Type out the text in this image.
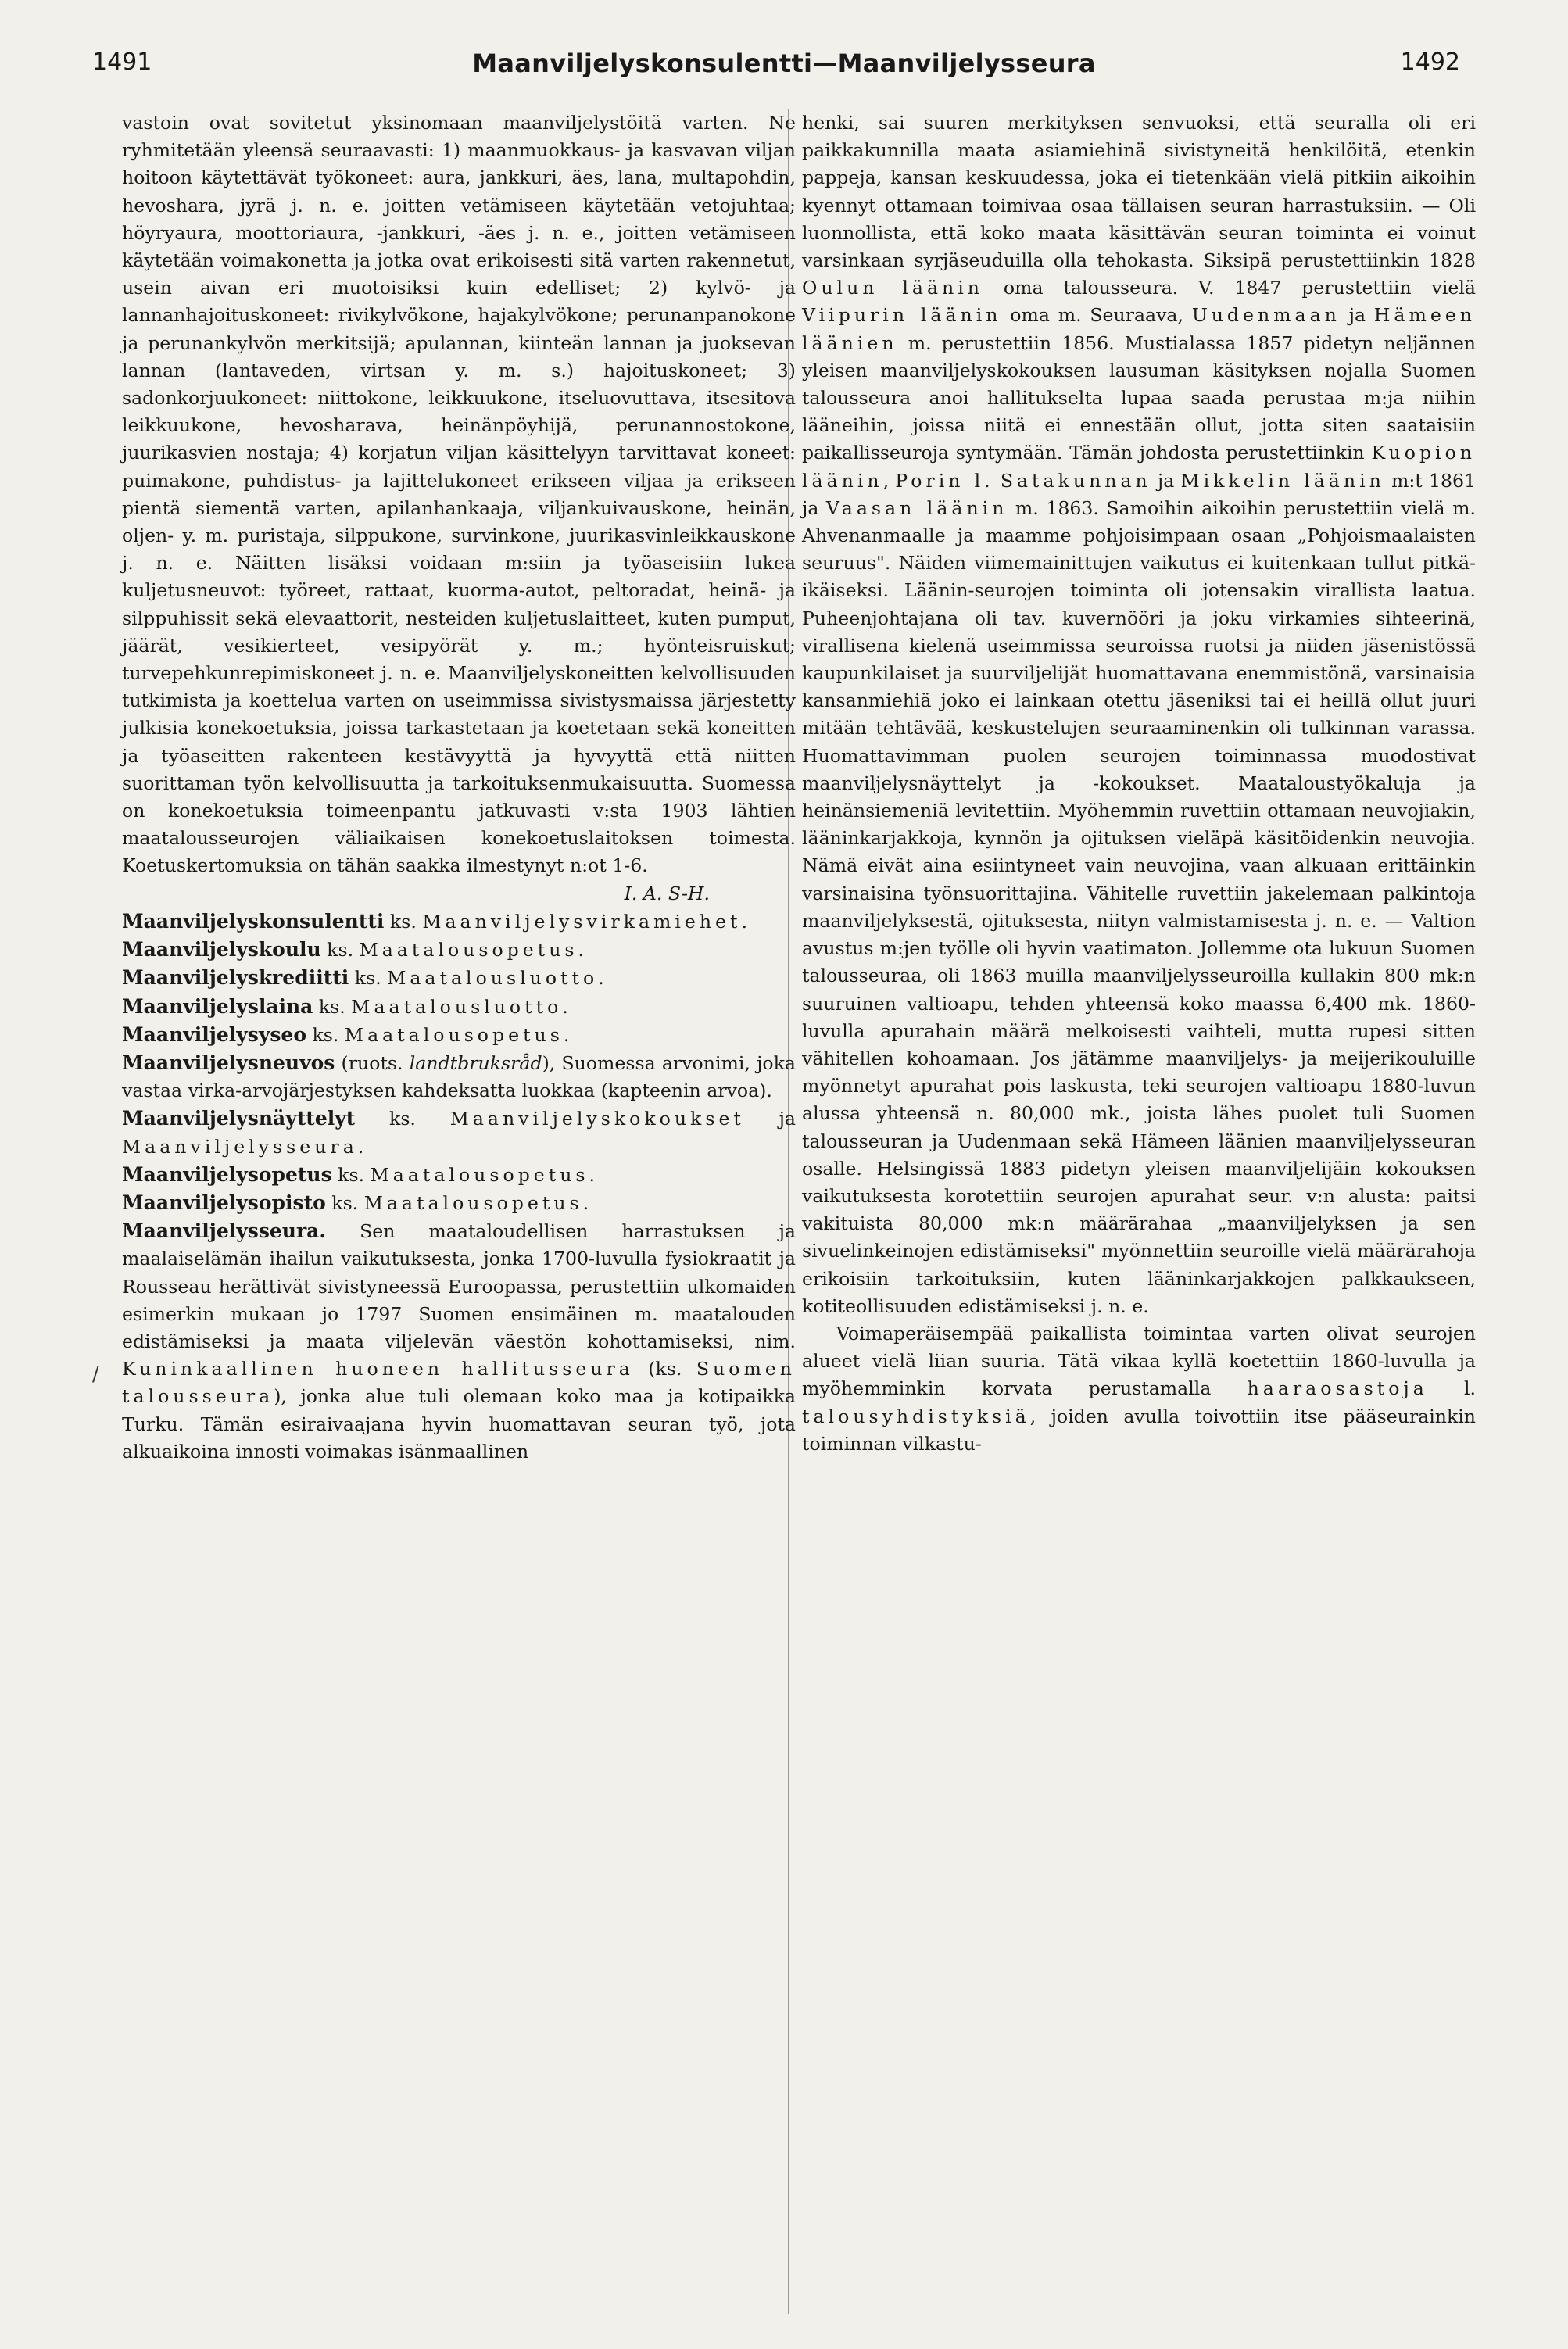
1491	Maanviljelyskonsulentti—Maanviljelysseura	1492
/

vastoin ovat sovitetut yksinomaan maanviljelystöitä varten. Ne ryhmitetään yleensä seuraavasti: 1) maanmuokkaus- ja kasvavan viljan hoitoon käytettävät työkoneet: aura, jankkuri, äes, lana, multapohdin, hevoshara, jyrä j. n. e. joitten vetämiseen käytetään vetojuhtaa; höyryaura, moottoriaura, -jankkuri, -äes j. n. e., joitten vetämiseen käytetään voimakonetta ja jotka ovat erikoisesti sitä varten rakennetut, usein aivan eri muotoisiksi kuin edelliset; 2) kylvö- ja lannanhajoituskoneet: rivikylvökone, hajakylvökone; perunanpanokone ja perunankylvön merkitsijä; apulannan, kiinteän lannan ja juoksevan lannan (lantaveden, virtsan y. m. s.) hajoituskoneet; 3) sadonkorjuukoneet: niittokone, leikkuukone, itseluovuttava, itsesitova leikkuukone, hevosharava, heinänpöyhijä, perunannostokone, juurikasvien nostaja; 4) korjatun viljan käsittelyyn tarvittavat koneet: puimakone, puhdistus- ja lajittelukoneet erikseen viljaa ja erikseen pientä siementä varten, apilanhankaaja, viljankuivauskone, heinän, oljen- y. m. puristaja, silppukone, survinkone, juurikasvinleikkauskone j. n. e. Näitten lisäksi voidaan m:siin ja työaseisiin lukea kuljetusneuvot: työreet, rattaat, kuorma-autot, peltoradat, heinä- ja silppuhissit sekä elevaattorit, nesteiden kuljetuslaitteet, kuten pumput, jäärät, vesikierteet, vesipyörät y. m.; hyönteisruiskut; turvepehkunrepimiskoneet j. n. e. Maanviljelyskoneitten kelvollisuuden tutkimista ja koettelua varten on useimmissa sivistysmaissa järjestetty julkisia konekoetuksia, joissa tarkastetaan ja koetetaan sekä koneitten ja työaseitten rakenteen kestävyyttä ja hyvyyttä että niitten suorittaman työn kelvollisuutta ja tarkoituksenmukaisuutta. Suomessa on konekoetuksia toimeenpantu jatkuvasti v:sta 1903 lähtien maatalousseurojen väliaikaisen konekoetuslaitoksen toimesta. Koetuskertomuksia on tähän saakka ilmestynyt n:ot 1-6.

I. A. S-H.

Maanviljelyskonsulentti ks. Maanviljelysvirkamiehet.

Maanviljelyskoulu ks. Maatalousopetus.

Maanviljelyskrediitti ks. Maatalousluotto.

Maanviljelyslaina ks. Maatalousluotto.

Maanviljelysyseo ks. Maatalousopetus.

Maanviljelysneuvos (ruots. landtbruksråd), Suomessa arvonimi, joka vastaa virka-arvojärjestyksen kahdeksatta luokkaa (kapteenin arvoa).

Maanviljelysnäyttelyt ks. Maanviljelyskokoukset ja Maanviljelysseura.

Maanviljelysopetus ks. Maatalousopetus.

Maanviljelysopisto ks. Maatalousopetus.

Maanviljelysseura. Sen maataloudellisen harrastuksen ja maalaiselämän ihailun vaikutuksesta, jonka 1700-luvulla fysiokraatit ja Rousseau herättivät sivistyneessä Euroopassa, perustettiin ulkomaiden esimerkin mukaan jo 1797 Suomen ensimäinen m. maatalouden edistämiseksi ja maata viljelevän väestön kohottamiseksi, nim. Kuninkaallinen huoneen hallitusseura (ks. Suomen talousseura), jonka alue tuli olemaan koko maa ja kotipaikka Turku. Tämän esiraivaajana hyvin huomattavan seuran työ, jota alkuaikoina innosti voimakas isänmaallinen

henki, sai suuren merkityksen senvuoksi, että seuralla oli eri paikkakunnilla maata asiamiehinä sivistyneitä henkilöitä, etenkin pappeja, kansan keskuudessa, joka ei tietenkään vielä pitkiin aikoihin kyennyt ottamaan toimivaa osaa tällaisen seuran harrastuksiin. — Oli luonnollista, että koko maata käsittävän seuran toiminta ei voinut varsinkaan syrjäseuduilla olla tehokasta. Siksipä perustettiinkin 1828 Oulun läänin oma talousseura. V. 1847 perustettiin vielä Viipurin läänin oma m. Seuraava, Uudenmaan ja Hämeen läänien m. perustettiin 1856. Mustialassa 1857 pidetyn neljännen yleisen maanviljelyskokouksen lausuman käsityksen nojalla Suomen talousseura anoi hallitukselta lupaa saada perustaa m:ja niihin lääneihin, joissa niitä ei ennestään ollut, jotta siten saataisiin paikallisseuroja syntymään. Tämän johdosta perustettiinkin Kuopion läänin, Porin l. Satakunnan ja Mikkelin läänin m:t 1861 ja Vaasan läänin m. 1863. Samoihin aikoihin perustettiin vielä m. Ahvenanmaalle ja maamme pohjoisimpaan osaan „Pohjoismaalaisten seuruus". Näiden viimemainittujen vaikutus ei kuitenkaan tullut pitkä-ikäiseksi. Läänin-seurojen toiminta oli jotensakin virallista laatua. Puheenjohtajana oli tav. kuvernööri ja joku virkamies sihteerinä, virallisena kielenä useimmissa seuroissa ruotsi ja niiden jäsenistössä kaupunkilaiset ja suurviljelijät huomattavana enemmistönä, varsinaisia kansanmiehiä joko ei lainkaan otettu jäseniksi tai ei heillä ollut juuri mitään tehtävää, keskustelujen seuraaminenkin oli tulkinnan varassa. Huomattavimman puolen seurojen toiminnassa muodostivat maanviljelysnäyttelyt ja -kokoukset. Maataloustyökaluja ja heinänsiemeniä levitettiin. Myöhemmin ruvettiin ottamaan neuvojiakin, lääninkarjakkoja, kynnön ja ojituksen vieläpä käsitöidenkin neuvojia. Nämä eivät aina esiintyneet vain neuvojina, vaan alkuaan erittäinkin varsinaisina työnsuorittajina. Vähitelle ruvettiin jakelemaan palkintoja maanviljelyksestä, ojituksesta, niityn valmistamisesta j. n. e. — Valtion avustus m:jen työlle oli hyvin vaatimaton. Jollemme ota lukuun Suomen talousseuraa, oli 1863 muilla maanviljelysseuroilla kullakin 800 mk:n suuruinen valtioapu, tehden yhteensä koko maassa 6,400 mk. 1860-luvulla apurahain määrä melkoisesti vaihteli, mutta rupesi sitten vähitellen kohoamaan. Jos jätämme maanviljelys- ja meijerikouluille myönnetyt apurahat pois laskusta, teki seurojen valtioapu 1880-luvun alussa yhteensä n. 80,000 mk., joista lähes puolet tuli Suomen talousseuran ja Uudenmaan sekä Hämeen läänien maanviljelysseuran osalle. Helsingissä 1883 pidetyn yleisen maanviljelijäin kokouksen vaikutuksesta korotettiin seurojen apurahat seur. v:n alusta: paitsi vakituista 80,000 mk:n määrärahaa „maanviljelyksen ja sen sivuelinkeinojen edistämiseksi" myönnettiin seuroille vielä määrärahoja erikoisiin tarkoituksiin, kuten lääninkarjakkojen palkkaukseen, kotiteollisuuden edistämiseksi j. n. e.

Voimaperäisempää paikallista toimintaa varten olivat seurojen alueet vielä liian suuria. Tätä vikaa kyllä koetettiin 1860-luvulla ja myöhemminkin korvata perustamalla haaraosastoja l. talousyhdistyksiä, joiden avulla toivottiin itse pääseurainkin toiminnan vilkastu-
